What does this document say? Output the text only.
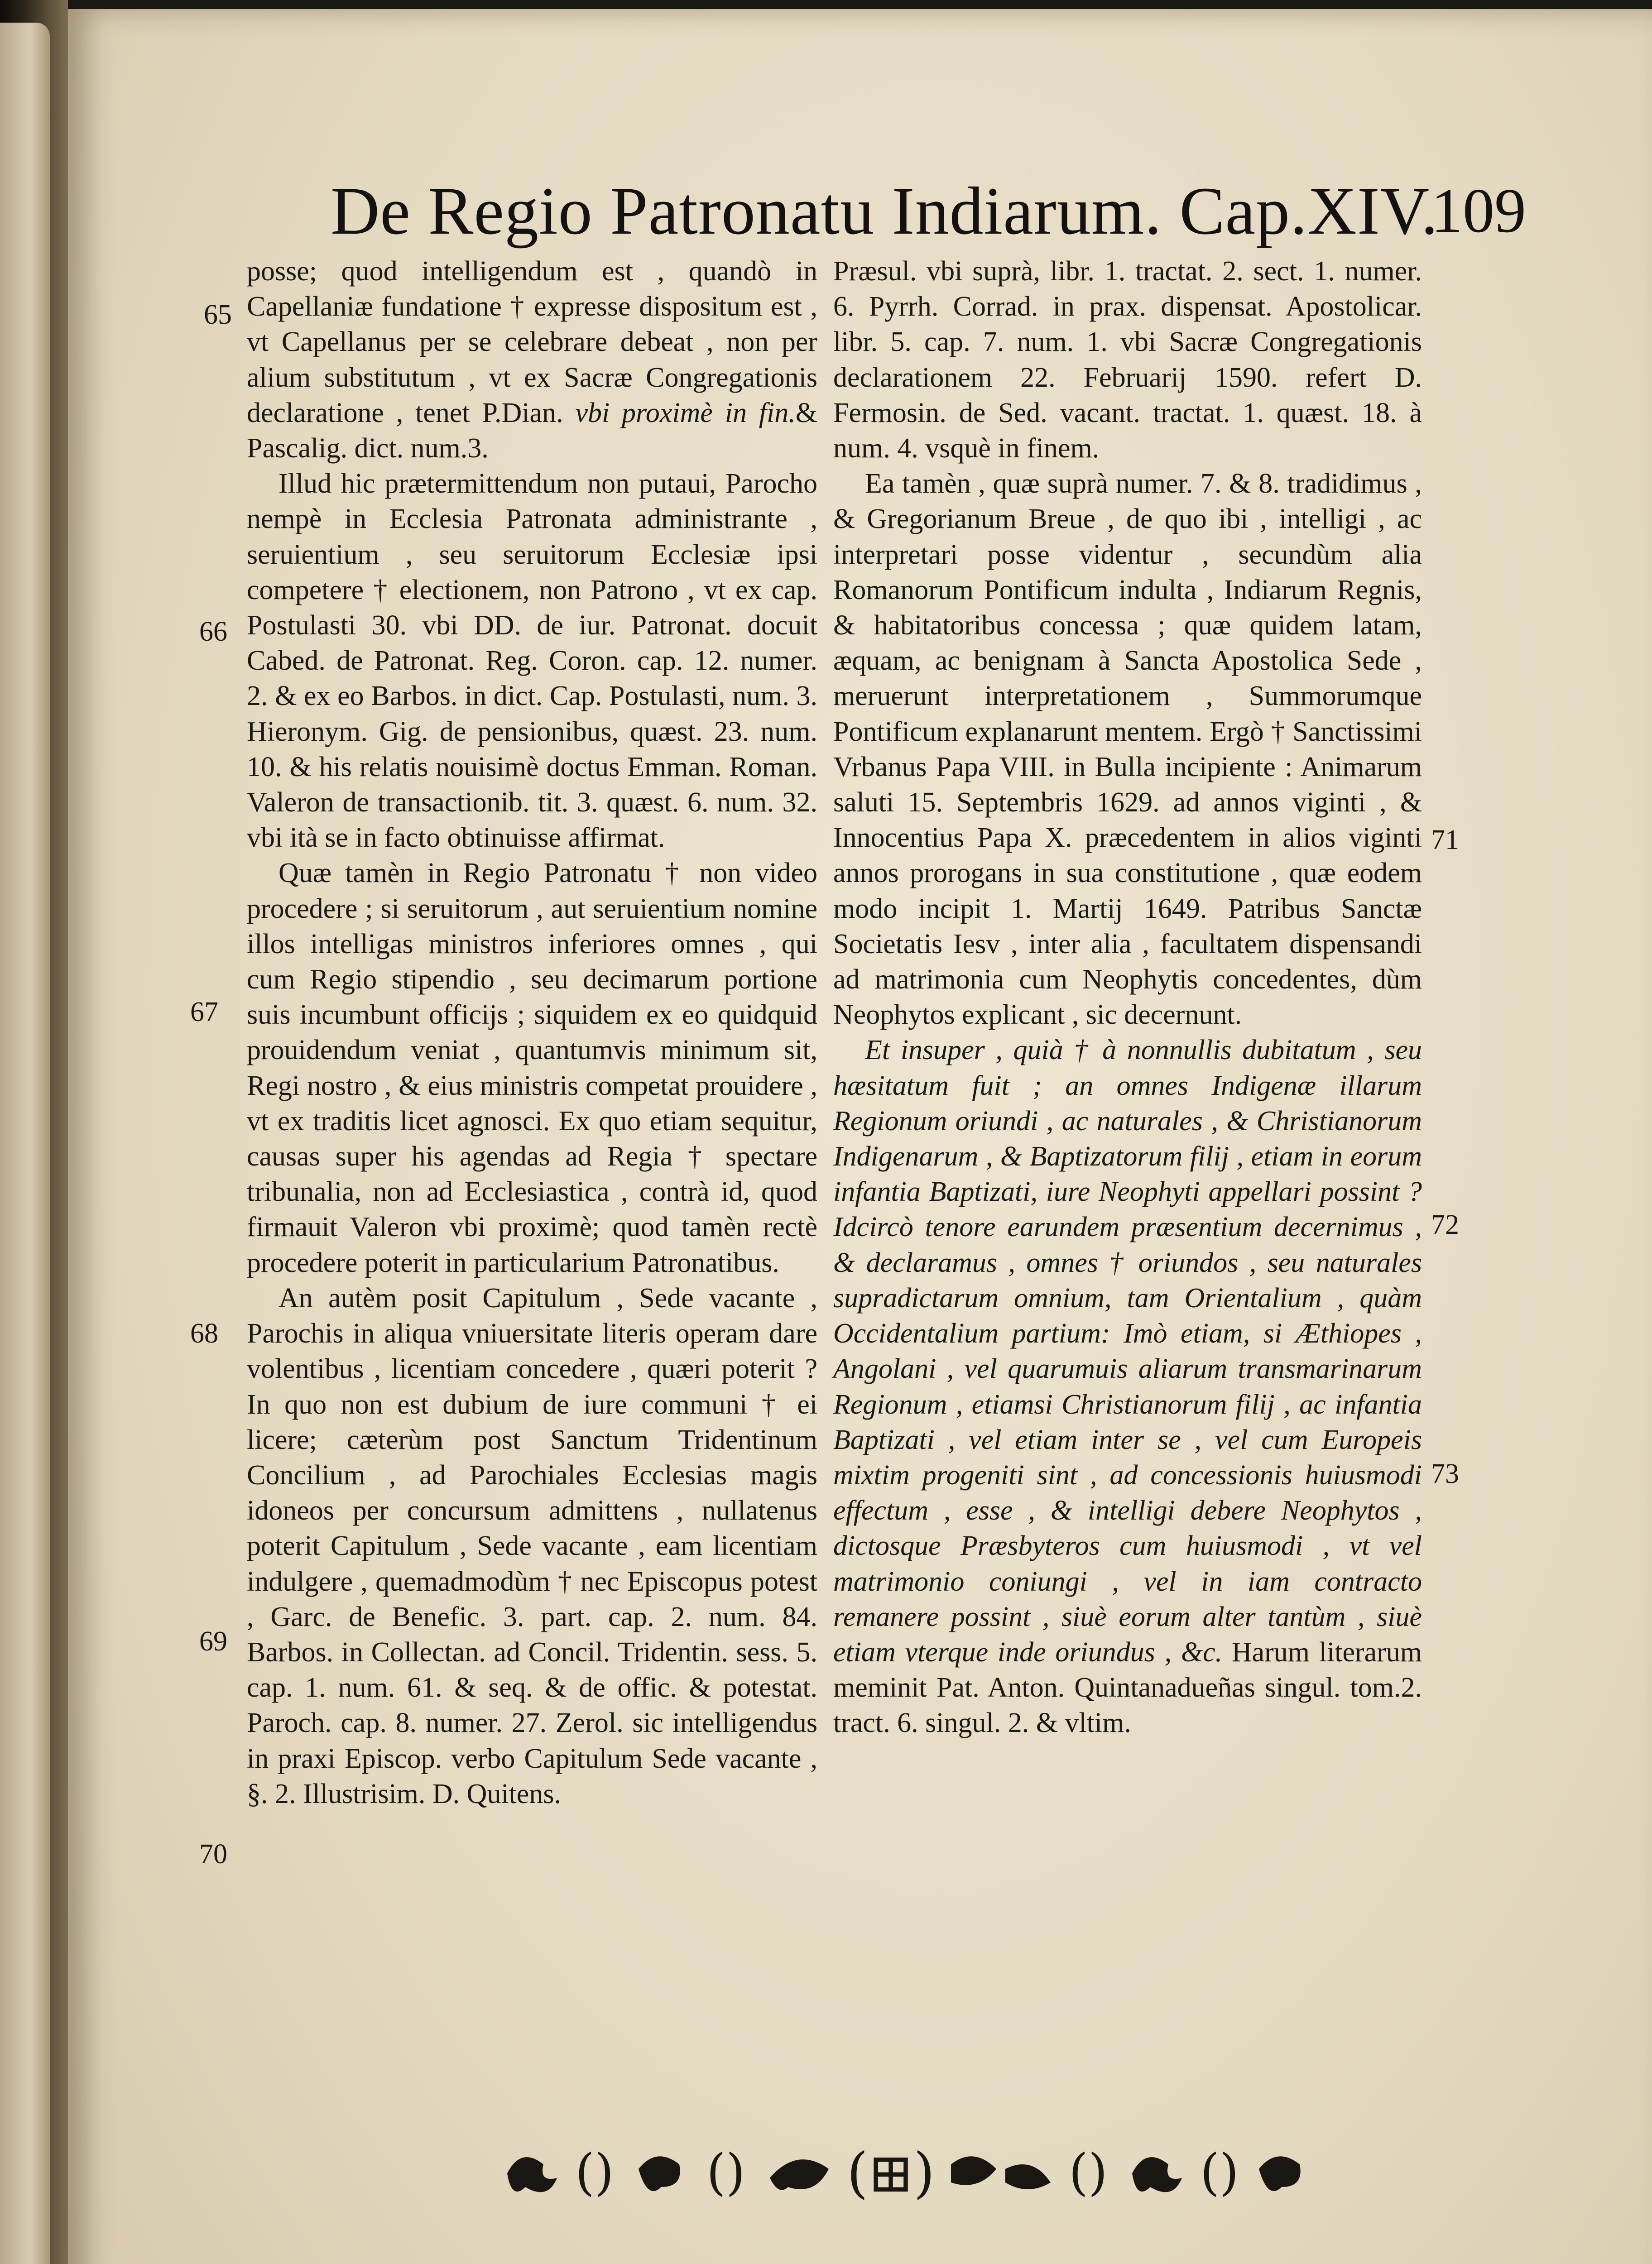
De Regio Patronatu Indiarum. Cap.XIV.
109
65
66
67
68
69
70
71
72
73

posse; quod intelligendum est , quandò in Capellaniæ fundatione † expresse dispositum est , vt Capellanus per se celebrare debeat , non per alium substitutum , vt ex Sacræ Congregationis declaratione , tenet P.Dian. vbi proximè in fin.& Pascalig. dict. num.3.

Illud hic prætermittendum non putaui, Parocho nempè in Ecclesia Patronata administrante , seruientium , seu seruitorum Ecclesiæ ipsi competere † electionem, non Patrono , vt ex cap. Postulasti 30. vbi DD. de iur. Patronat. docuit Cabed. de Patronat. Reg. Coron. cap. 12. numer. 2. & ex eo Barbos. in dict. Cap. Postulasti, num. 3. Hieronym. Gig. de pensionibus, quæst. 23. num. 10. & his relatis nouisimè doctus Emman. Roman. Valeron de transactionib. tit. 3. quæst. 6. num. 32. vbi ità se in facto obtinuisse affirmat.

Quæ tamèn in Regio Patronatu † non video procedere ; si seruitorum , aut seruientium nomine illos intelligas ministros inferiores omnes , qui cum Regio stipendio , seu decimarum portione suis incumbunt officijs ; siquidem ex eo quidquid prouidendum veniat , quantumvis minimum sit, Regi nostro , & eius ministris competat prouidere , vt ex traditis licet agnosci. Ex quo etiam sequitur, causas super his agendas ad Regia † spectare tribunalia, non ad Ecclesiastica , contrà id, quod firmauit Valeron vbi proximè; quod tamèn rectè procedere poterit in particularium Patronatibus.

An autèm posit Capitulum , Sede vacante , Parochis in aliqua vniuersitate literis operam dare volentibus , licentiam concedere , quæri poterit ? In quo non est dubium de iure communi † ei licere; cæterùm post Sanctum Tridentinum Concilium , ad Parochiales Ecclesias magis idoneos per concursum admittens , nullatenus poterit Capitulum , Sede vacante , eam licentiam indulgere , quemadmodùm † nec Episcopus potest , Garc. de Benefic. 3. part. cap. 2. num. 84. Barbos. in Collectan. ad Concil. Tridentin. sess. 5. cap. 1. num. 61. & seq. & de offic. & potestat. Paroch. cap. 8. numer. 27. Zerol. sic intelligendus in praxi Episcop. verbo Capitulum Sede vacante , §. 2. Illustrisim. D. Quitens.

Præsul. vbi suprà, libr. 1. tractat. 2. sect. 1. numer. 6. Pyrrh. Corrad. in prax. dispensat. Apostolicar. libr. 5. cap. 7. num. 1. vbi Sacræ Congregationis declarationem 22. Februarij 1590. refert D. Fermosin. de Sed. vacant. tractat. 1. quæst. 18. à num. 4. vsquè in finem.

Ea tamèn , quæ suprà numer. 7. & 8. tradidimus , & Gregorianum Breue , de quo ibi , intelligi , ac interpretari posse videntur , secundùm alia Romanorum Pontificum indulta , Indiarum Regnis, & habitatoribus concessa ; quæ quidem latam, æquam, ac benignam à Sancta Apostolica Sede , meruerunt interpretationem , Summorumque Pontificum explanarunt mentem. Ergò † Sanctissimi Vrbanus Papa VIII. in Bulla incipiente : Animarum saluti 15. Septembris 1629. ad annos viginti , & Innocentius Papa X. præcedentem in alios viginti annos prorogans in sua constitutione , quæ eodem modo incipit 1. Martij 1649. Patribus Sanctæ Societatis Iesv , inter alia , facultatem dispensandi ad matrimonia cum Neophytis concedentes, dùm Neophytos explicant , sic decernunt.

Et insuper , quià † à nonnullis dubitatum , seu hæsitatum fuit ; an omnes Indigenæ illarum Regionum oriundi , ac naturales , & Christianorum Indigenarum , & Baptizatorum filij , etiam in eorum infantia Baptizati, iure Neophyti appellari possint ? Idcircò tenore earundem præsentium decernimus , & declaramus , omnes † oriundos , seu naturales supradictarum omnium, tam Orientalium , quàm Occidentalium partium: Imò etiam, si Æthiopes , Angolani , vel quarumuis aliarum transmarinarum Regionum , etiamsi Christianorum filij , ac infantia Baptizati , vel etiam inter se , vel cum Europeis mixtim progeniti sint , ad concessionis huiusmodi effectum , esse , & intelligi debere Neophytos , dictosque Præsbyteros cum huiusmodi , vt vel matrimonio coniungi , vel in iam contracto remanere possint , siuè eorum alter tantùm , siuè etiam vterque inde oriundus , &c. Harum literarum meminit Pat. Anton. Quintanadueñas singul. tom.2. tract. 6. singul. 2. & vltim.

() () (⊞)	() ()
